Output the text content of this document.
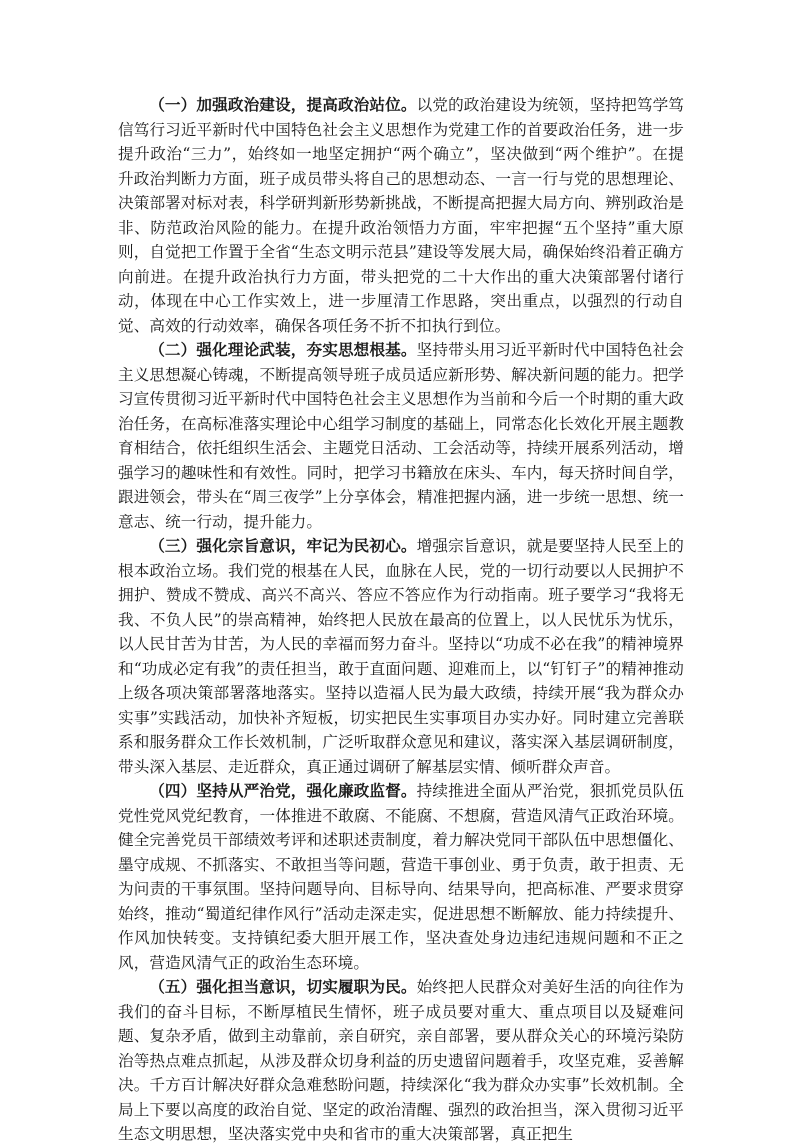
（一）加强政治建设，提高政治站位。以党的政治建设为统领，坚持把笃学笃信笃行习近平新时代中国特色社会主义思想作为党建工作的首要政治任务，进一步提升政治“三力”，始终如一地坚定拥护“两个确立”，坚决做到“两个维护”。在提升政治判断力方面，班子成员带头将自己的思想动态、一言一行与党的思想理论、决策部署对标对表，科学研判新形势新挑战，不断提高把握大局方向、辨别政治是非、防范政治风险的能力。在提升政治领悟力方面，牢牢把握“五个坚持”重大原则，自觉把工作置于全省“生态文明示范县”建设等发展大局，确保始终沿着正确方向前进。在提升政治执行力方面，带头把党的二十大作出的重大决策部署付诸行动，体现在中心工作实效上，进一步厘清工作思路，突出重点，以强烈的行动自觉、高效的行动效率，确保各项任务不折不扣执行到位。

（二）强化理论武装，夯实思想根基。坚持带头用习近平新时代中国特色社会主义思想凝心铸魂，不断提高领导班子成员适应新形势、解决新问题的能力。把学习宣传贯彻习近平新时代中国特色社会主义思想作为当前和今后一个时期的重大政治任务，在高标准落实理论中心组学习制度的基础上，同常态化长效化开展主题教育相结合，依托组织生活会、主题党日活动、工会活动等，持续开展系列活动，增强学习的趣味性和有效性。同时，把学习书籍放在床头、车内，每天挤时间自学，跟进领会，带头在“周三夜学”上分享体会，精准把握内涵，进一步统一思想、统一意志、统一行动，提升能力。

（三）强化宗旨意识，牢记为民初心。增强宗旨意识，就是要坚持人民至上的根本政治立场。我们党的根基在人民，血脉在人民，党的一切行动要以人民拥护不拥护、赞成不赞成、高兴不高兴、答应不答应作为行动指南。班子要学习“我将无我、不负人民”的崇高精神，始终把人民放在最高的位置上，以人民忧乐为忧乐，以人民甘苦为甘苦，为人民的幸福而努力奋斗。坚持以“功成不必在我”的精神境界和“功成必定有我”的责任担当，敢于直面问题、迎难而上，以“钉钉子”的精神推动上级各项决策部署落地落实。坚持以造福人民为最大政绩，持续开展“我为群众办实事”实践活动，加快补齐短板，切实把民生实事项目办实办好。同时建立完善联系和服务群众工作长效机制，广泛听取群众意见和建议，落实深入基层调研制度，带头深入基层、走近群众，真正通过调研了解基层实情、倾听群众声音。

（四）坚持从严治党，强化廉政监督。持续推进全面从严治党，狠抓党员队伍党性党风党纪教育，一体推进不敢腐、不能腐、不想腐，营造风清气正政治环境。健全完善党员干部绩效考评和述职述责制度，着力解决党同干部队伍中思想僵化、墨守成规、不抓落实、不敢担当等问题，营造干事创业、勇于负责，敢于担责、无为问责的干事氛围。坚持问题导向、目标导向、结果导向，把高标准、严要求贯穿始终，推动“蜀道纪律作风行”活动走深走实，促进思想不断解放、能力持续提升、作风加快转变。支持镇纪委大胆开展工作，坚决查处身边违纪违规问题和不正之风，营造风清气正的政治生态环境。

（五）强化担当意识，切实履职为民。始终把人民群众对美好生活的向往作为我们的奋斗目标，不断厚植民生情怀，班子成员要对重大、重点项目以及疑难问题、复杂矛盾，做到主动靠前，亲自研究，亲自部署，要从群众关心的环境污染防治等热点难点抓起，从涉及群众切身利益的历史遗留问题着手，攻坚克难，妥善解决。千方百计解决好群众急难愁盼问题，持续深化“我为群众办实事”长效机制。全局上下要以高度的政治自觉、坚定的政治清醒、强烈的政治担当，深入贯彻习近平生态文明思想，坚决落实党中央和省市的重大决策部署，真正把生
